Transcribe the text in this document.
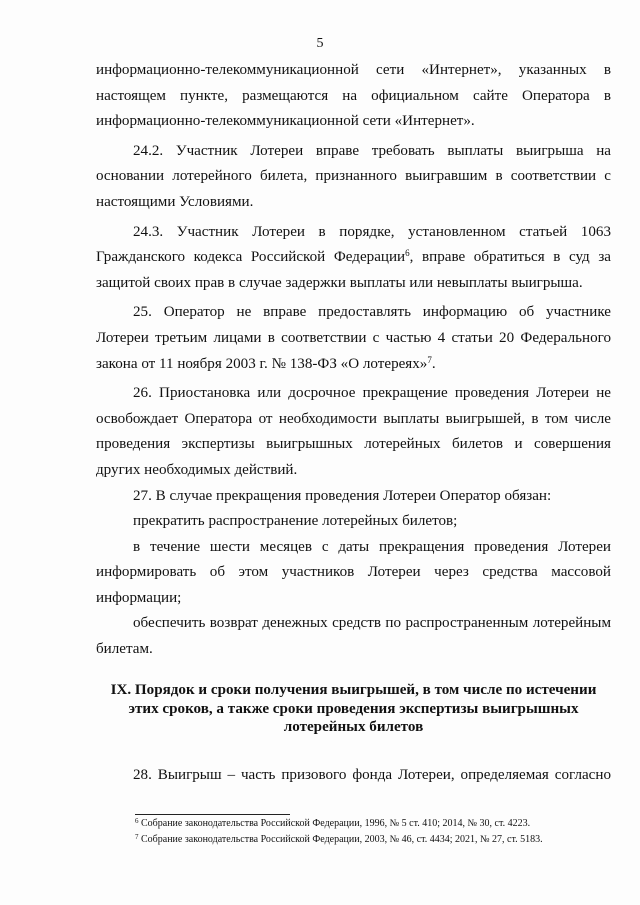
5

информационно-телекоммуникационной сети «Интернет», указанных в настоящем пункте, размещаются на официальном сайте Оператора в информационно-телекоммуникационной сети «Интернет».

24.2. Участник Лотереи вправе требовать выплаты выигрыша на основании лотерейного билета, признанного выигравшим в соответствии с настоящими Условиями.

24.3. Участник Лотереи в порядке, установленном статьей 1063 Гражданского кодекса Российской Федерации$^6$, вправе обратиться в суд за защитой своих прав в случае задержки выплаты или невыплаты выигрыша.

25. Оператор не вправе предоставлять информацию об участнике Лотереи третьим лицами в соответствии с частью 4 статьи 20 Федерального закона от 11 ноября 2003 г. № 138-ФЗ «О лотереях»$^7$.

26. Приостановка или досрочное прекращение проведения Лотереи не освобождает Оператора от необходимости выплаты выигрышей, в том числе проведения экспертизы выигрышных лотерейных билетов и совершения других необходимых действий.

27. В случае прекращения проведения Лотереи Оператор обязан:

прекратить распространение лотерейных билетов;

в течение шести месяцев с даты прекращения проведения Лотереи информировать об этом участников Лотереи через средства массовой информации;

обеспечить возврат денежных средств по распространенным лотерейным билетам.

IX. Порядок и сроки получения выигрышей, в том числе по истечении
этих сроков, а также сроки проведения экспертизы выигрышных
лотерейных билетов

28. Выигрыш – часть призового фонда Лотереи, определяемая согласно

$^6$ Собрание законодательства Российской Федерации, 1996, № 5 ст. 410; 2014, № 30, ст. 4223.
$^7$ Собрание законодательства Российской Федерации, 2003, № 46, ст. 4434; 2021, № 27, ст. 5183.
